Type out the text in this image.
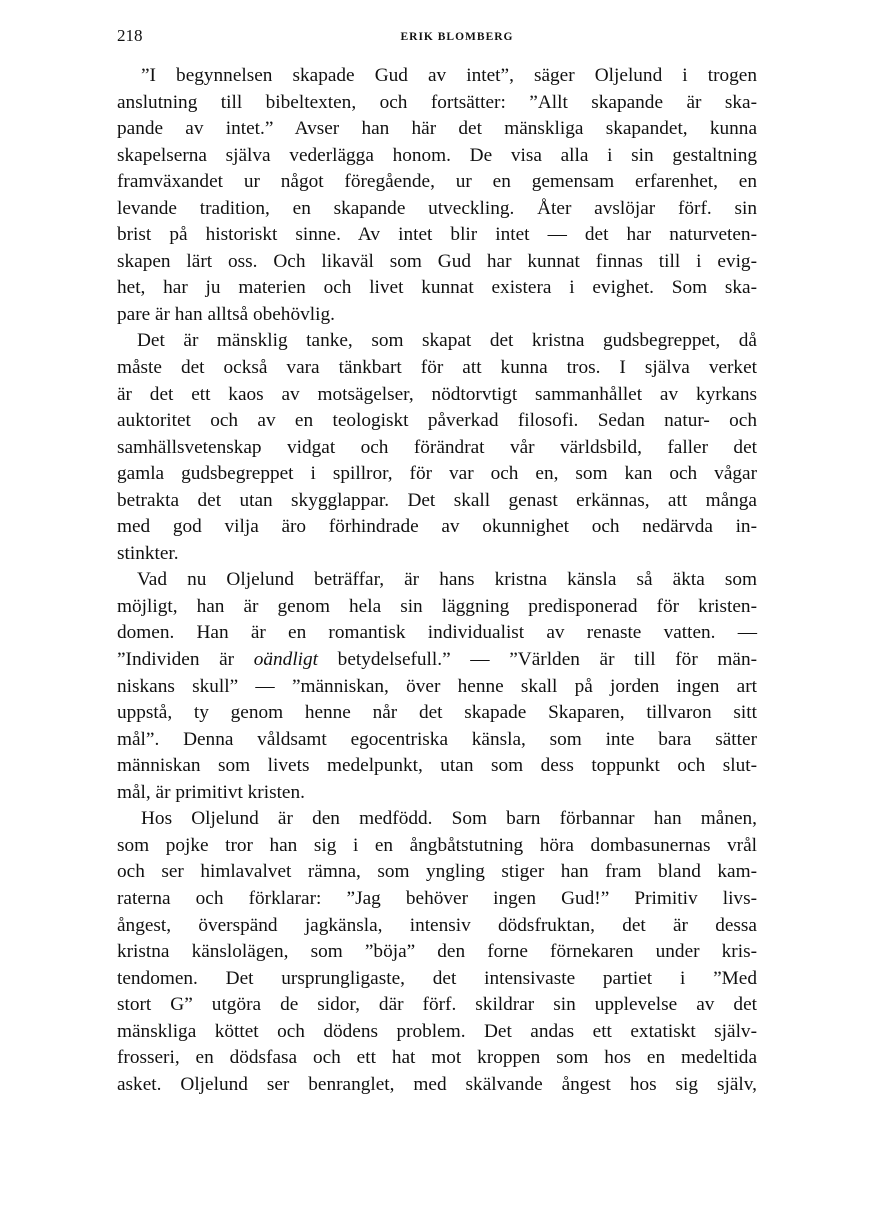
218	ERIK BLOMBERG
”I begynnelsen skapade Gud av intet”, säger Oljelund i trogen
anslutning till bibeltexten, och fortsätter: ”Allt skapande är ska-
pande av intet.” Avser han här det mänskliga skapandet, kunna
skapelserna själva vederlägga honom. De visa alla i sin gestaltning
framväxandet ur något föregående, ur en gemensam erfarenhet, en
levande tradition, en skapande utveckling. Åter avslöjar förf. sin
brist på historiskt sinne. Av intet blir intet — det har naturveten-
skapen lärt oss. Och likaväl som Gud har kunnat finnas till i evig-
het, har ju materien och livet kunnat existera i evighet. Som ska-
pare är han alltså obehövlig.
Det är mänsklig tanke, som skapat det kristna gudsbegreppet, då
måste det också vara tänkbart för att kunna tros. I själva verket
är det ett kaos av motsägelser, nödtorvtigt sammanhållet av kyrkans
auktoritet och av en teologiskt påverkad filosofi. Sedan natur- och
samhällsvetenskap vidgat och förändrat vår världsbild, faller det
gamla gudsbegreppet i spillror, för var och en, som kan och vågar
betrakta det utan skygglappar. Det skall genast erkännas, att många
med god vilja äro förhindrade av okunnighet och nedärvda in-
stinkter.
Vad nu Oljelund beträffar, är hans kristna känsla så äkta som
möjligt, han är genom hela sin läggning predisponerad för kristen-
domen. Han är en romantisk individualist av renaste vatten. —
”Individen är oändligt betydelsefull.” — ”Världen är till för män-
niskans skull” — ”människan, över henne skall på jorden ingen art
uppstå, ty genom henne når det skapade Skaparen, tillvaron sitt
mål”. Denna våldsamt egocentriska känsla, som inte bara sätter
människan som livets medelpunkt, utan som dess toppunkt och slut-
mål, är primitivt kristen.
Hos Oljelund är den medfödd. Som barn förbannar han månen,
som pojke tror han sig i en ångbåtstutning höra dombasunernas vrål
och ser himlavalvet rämna, som yngling stiger han fram bland kam-
raterna och förklarar: ”Jag behöver ingen Gud!” Primitiv livs-
ångest, överspänd jagkänsla, intensiv dödsfruktan, det är dessa
kristna känslolägen, som ”böja” den forne förnekaren under kris-
tendomen. Det ursprungligaste, det intensivaste partiet i ”Med
stort G” utgöra de sidor, där förf. skildrar sin upplevelse av det
mänskliga köttet och dödens problem. Det andas ett extatiskt själv-
frosseri, en dödsfasa och ett hat mot kroppen som hos en medeltida
asket. Oljelund ser benranglet, med skälvande ångest hos sig själv,
